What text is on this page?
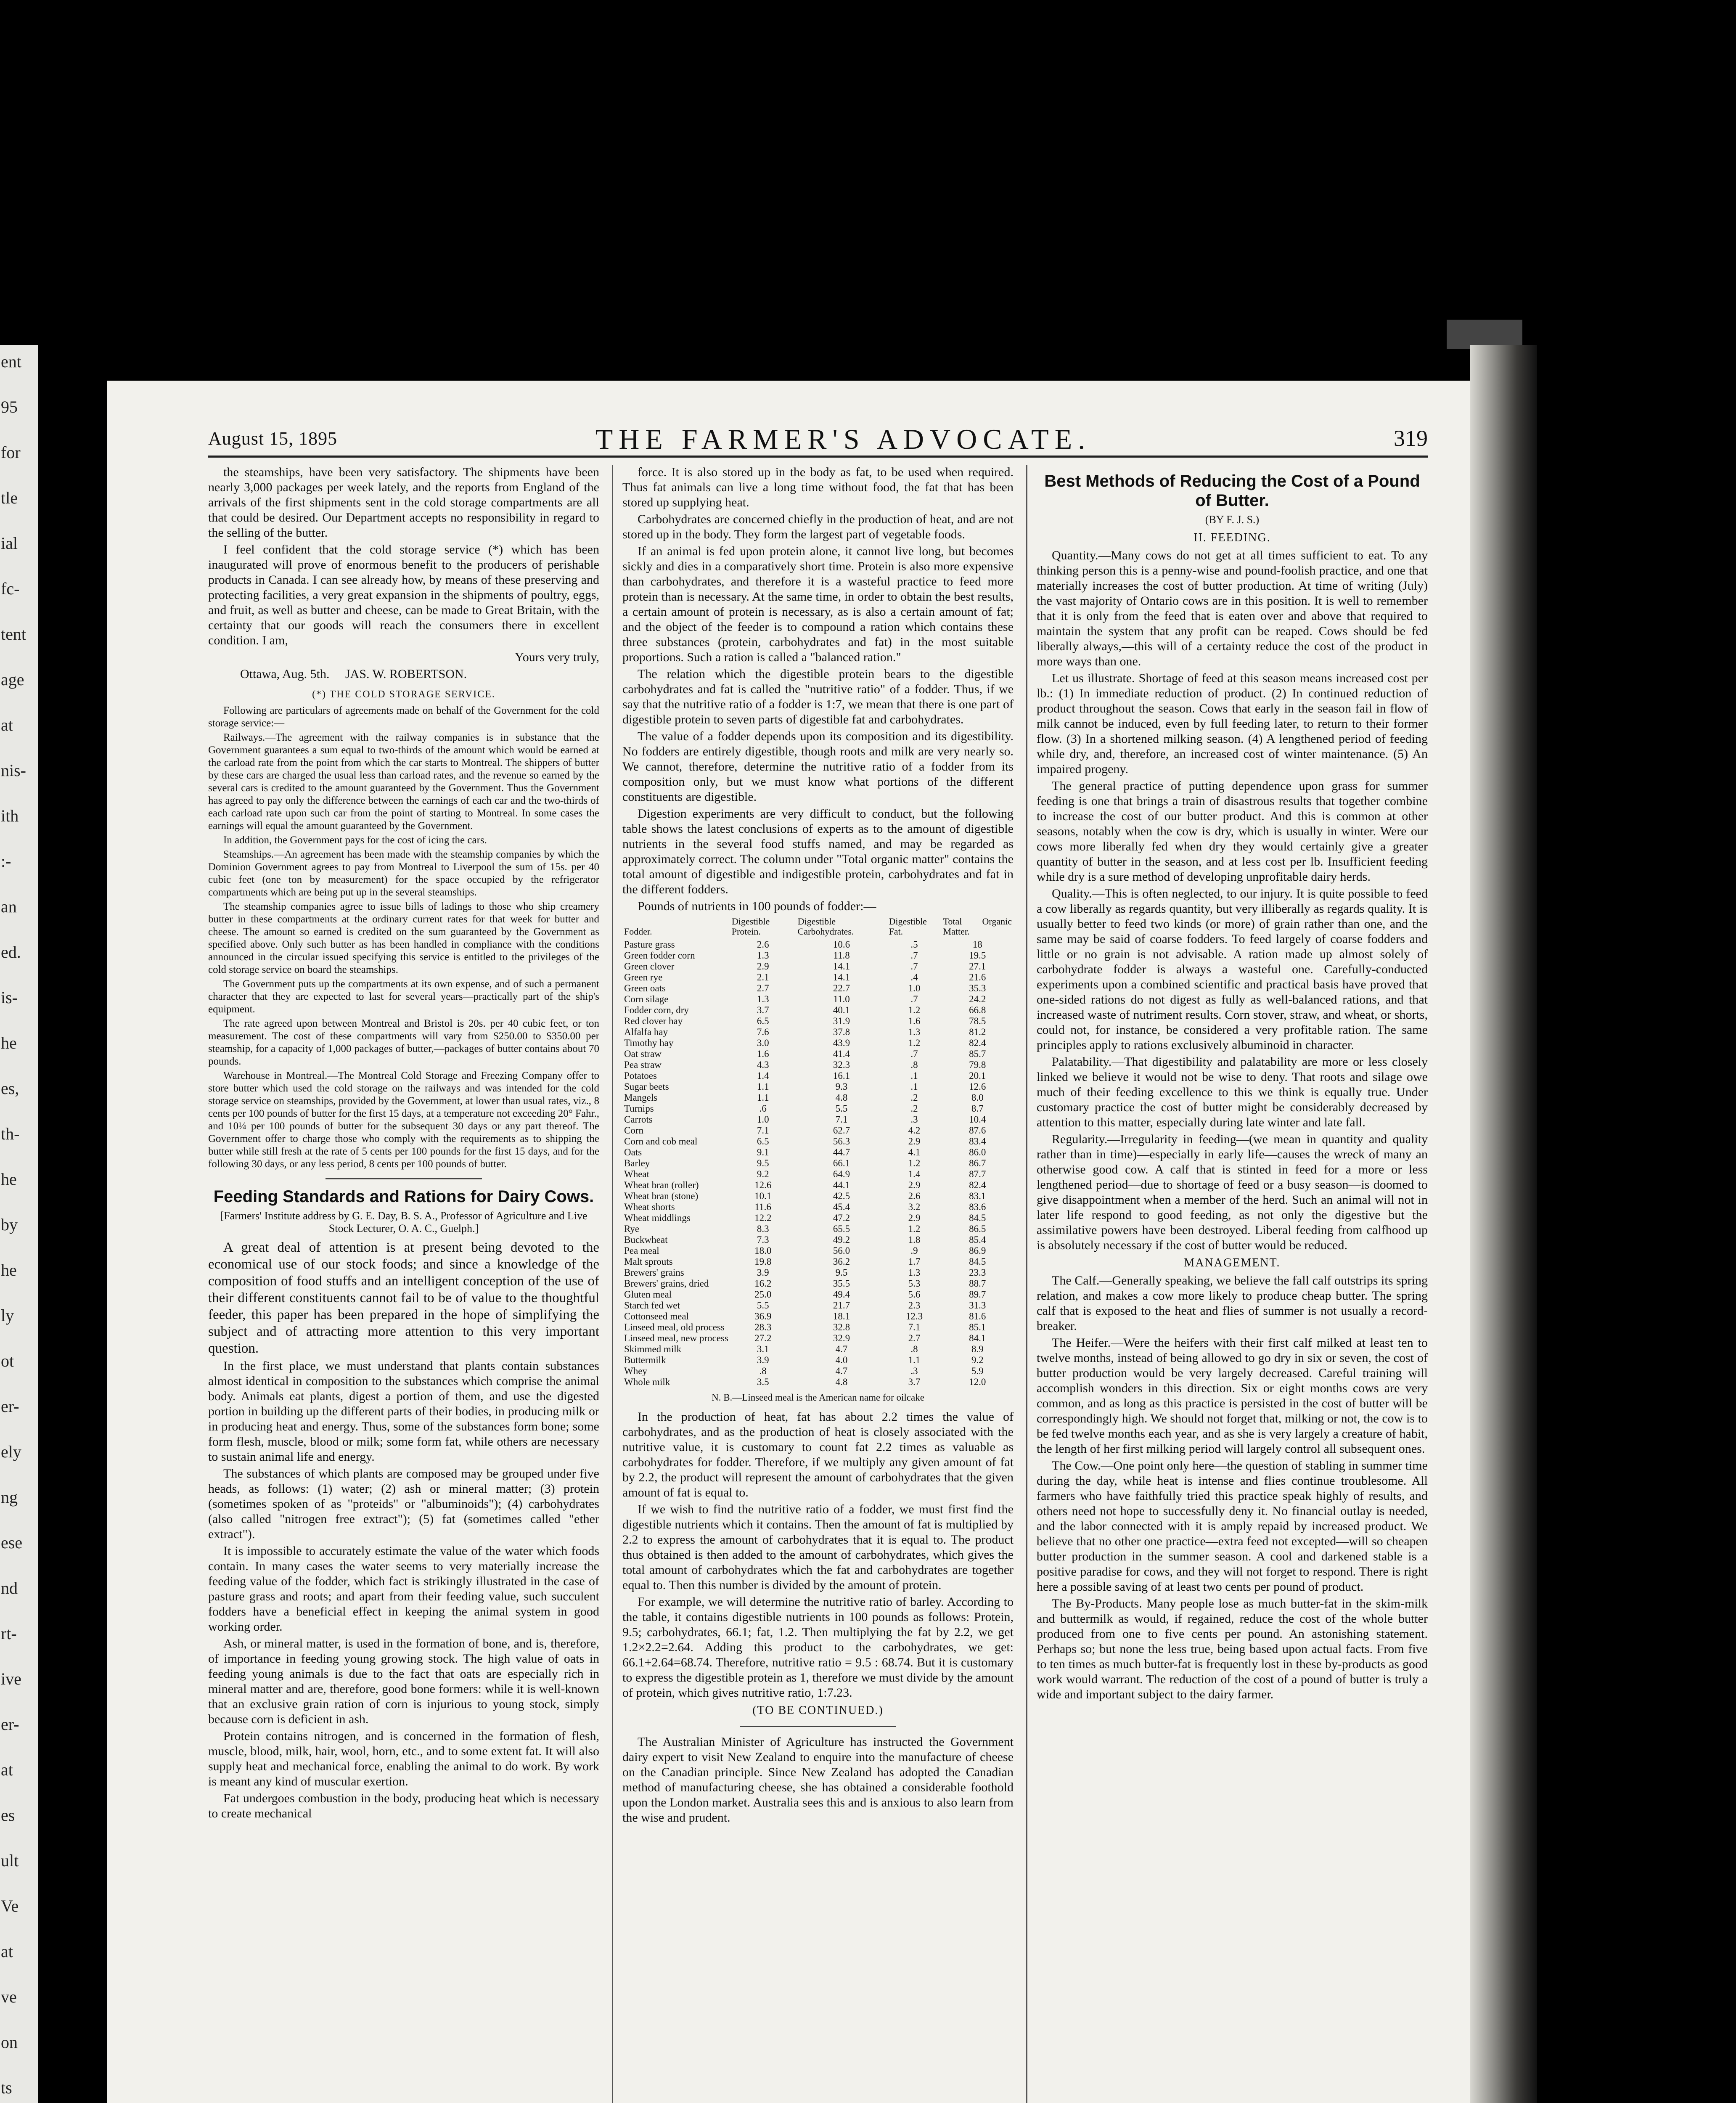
ent
95
for
tle
ial
fc-
tent
age
at
nis-
ith
:-
an
ed.
is-
he
es,
th-
he
by
he
ly
ot
er-
ely
ng
ese
nd
rt-
ive
er-
at
es
ult
Ve
at
ve
on
ts
August 15, 1895	THE FARMER'S ADVOCATE.	319

the steamships, have been very satisfactory. The shipments have been nearly 3,000 packages per week lately, and the reports from England of the arrivals of the first shipments sent in the cold storage compartments are all that could be desired. Our Department accepts no responsibility in regard to the selling of the butter.

I feel confident that the cold storage service (*) which has been inaugurated will prove of enormous benefit to the producers of perishable products in Canada. I can see already how, by means of these preserving and protecting facilities, a very great expansion in the shipments of poultry, eggs, and fruit, as well as butter and cheese, can be made to Great Britain, with the certainty that our goods will reach the consumers there in excellent condition. I am,

Yours very truly,

Ottawa, Aug. 5th. JAS. W. ROBERTSON.

(*) THE COLD STORAGE SERVICE.

Following are particulars of agreements made on behalf of the Government for the cold storage service:—

Railways.—The agreement with the railway companies is in substance that the Government guarantees a sum equal to two-thirds of the amount which would be earned at the carload rate from the point from which the car starts to Montreal. The shippers of butter by these cars are charged the usual less than carload rates, and the revenue so earned by the several cars is credited to the amount guaranteed by the Government. Thus the Government has agreed to pay only the difference between the earnings of each car and the two-thirds of each carload rate upon such car from the point of starting to Montreal. In some cases the earnings will equal the amount guaranteed by the Government.

In addition, the Government pays for the cost of icing the cars.

Steamships.—An agreement has been made with the steamship companies by which the Dominion Government agrees to pay from Montreal to Liverpool the sum of 15s. per 40 cubic feet (one ton by measurement) for the space occupied by the refrigerator compartments which are being put up in the several steamships.

The steamship companies agree to issue bills of ladings to those who ship creamery butter in these compartments at the ordinary current rates for that week for butter and cheese. The amount so earned is credited on the sum guaranteed by the Government as specified above. Only such butter as has been handled in compliance with the conditions announced in the circular issued specifying this service is entitled to the privileges of the cold storage service on board the steamships.

The Government puts up the compartments at its own expense, and of such a permanent character that they are expected to last for several years—practically part of the ship's equipment.

The rate agreed upon between Montreal and Bristol is 20s. per 40 cubic feet, or ton measurement. The cost of these compartments will vary from $250.00 to $350.00 per steamship, for a capacity of 1,000 packages of butter,—packages of butter contains about 70 pounds.

Warehouse in Montreal.—The Montreal Cold Storage and Freezing Company offer to store butter which used the cold storage on the railways and was intended for the cold storage service on steamships, provided by the Government, at lower than usual rates, viz., 8 cents per 100 pounds of butter for the first 15 days, at a temperature not exceeding 20° Fahr., and 10¼ per 100 pounds of butter for the subsequent 30 days or any part thereof. The Government offer to charge those who comply with the requirements as to shipping the butter while still fresh at the rate of 5 cents per 100 pounds for the first 15 days, and for the following 30 days, or any less period, 8 cents per 100 pounds of butter.

Feeding Standards and Rations for Dairy Cows.
[Farmers' Institute address by G. E. Day, B. S. A., Professor of Agriculture and Live Stock Lecturer, O. A. C., Guelph.]

A great deal of attention is at present being devoted to the economical use of our stock foods; and since a knowledge of the composition of food stuffs and an intelligent conception of the use of their different constituents cannot fail to be of value to the thoughtful feeder, this paper has been prepared in the hope of simplifying the subject and of attracting more attention to this very important question.

In the first place, we must understand that plants contain substances almost identical in composition to the substances which comprise the animal body. Animals eat plants, digest a portion of them, and use the digested portion in building up the different parts of their bodies, in producing milk or in producing heat and energy. Thus, some of the substances form bone; some form flesh, muscle, blood or milk; some form fat, while others are necessary to sustain animal life and energy.

The substances of which plants are composed may be grouped under five heads, as follows: (1) water; (2) ash or mineral matter; (3) protein (sometimes spoken of as "proteids" or "albuminoids"); (4) carbohydrates (also called "nitrogen free extract"); (5) fat (sometimes called "ether extract").

It is impossible to accurately estimate the value of the water which foods contain. In many cases the water seems to very materially increase the feeding value of the fodder, which fact is strikingly illustrated in the case of pasture grass and roots; and apart from their feeding value, such succulent fodders have a beneficial effect in keeping the animal system in good working order.

Ash, or mineral matter, is used in the formation of bone, and is, therefore, of importance in feeding young growing stock. The high value of oats in feeding young animals is due to the fact that oats are especially rich in mineral matter and are, therefore, good bone formers: while it is well-known that an exclusive grain ration of corn is injurious to young stock, simply because corn is deficient in ash.

Protein contains nitrogen, and is concerned in the formation of flesh, muscle, blood, milk, hair, wool, horn, etc., and to some extent fat. It will also supply heat and mechanical force, enabling the animal to do work. By work is meant any kind of muscular exertion.

Fat undergoes combustion in the body, producing heat which is necessary to create mechanical

force. It is also stored up in the body as fat, to be used when required. Thus fat animals can live a long time without food, the fat that has been stored up supplying heat.

Carbohydrates are concerned chiefly in the production of heat, and are not stored up in the body. They form the largest part of vegetable foods.

If an animal is fed upon protein alone, it cannot live long, but becomes sickly and dies in a comparatively short time. Protein is also more expensive than carbohydrates, and therefore it is a wasteful practice to feed more protein than is necessary. At the same time, in order to obtain the best results, a certain amount of protein is necessary, as is also a certain amount of fat; and the object of the feeder is to compound a ration which contains these three substances (protein, carbohydrates and fat) in the most suitable proportions. Such a ration is called a "balanced ration."

The relation which the digestible protein bears to the digestible carbohydrates and fat is called the "nutritive ratio" of a fodder. Thus, if we say that the nutritive ratio of a fodder is 1:7, we mean that there is one part of digestible protein to seven parts of digestible fat and carbohydrates.

The value of a fodder depends upon its composition and its digestibility. No fodders are entirely digestible, though roots and milk are very nearly so. We cannot, therefore, determine the nutritive ratio of a fodder from its composition only, but we must know what portions of the different constituents are digestible.

Digestion experiments are very difficult to conduct, but the following table shows the latest conclusions of experts as to the amount of digestible nutrients in the several food stuffs named, and may be regarded as approximately correct. The column under "Total organic matter" contains the total amount of digestible and indigestible protein, carbohydrates and fat in the different fodders.

Pounds of nutrients in 100 pounds of fodder:—

Fodder.	Digestible Protein.	Digestible Carbohydrates.	Digestible Fat.	Total Organic Matter.
Pasture grass	2.6	10.6	.5	18
Green fodder corn	1.3	11.8	.7	19.5
Green clover	2.9	14.1	.7	27.1
Green rye	2.1	14.1	.4	21.6
Green oats	2.7	22.7	1.0	35.3
Corn silage	1.3	11.0	.7	24.2
Fodder corn, dry	3.7	40.1	1.2	66.8
Red clover hay	6.5	31.9	1.6	78.5
Alfalfa hay	7.6	37.8	1.3	81.2
Timothy hay	3.0	43.9	1.2	82.4
Oat straw	1.6	41.4	.7	85.7
Pea straw	4.3	32.3	.8	79.8
Potatoes	1.4	16.1	.1	20.1
Sugar beets	1.1	9.3	.1	12.6
Mangels	1.1	4.8	.2	8.0
Turnips	.6	5.5	.2	8.7
Carrots	1.0	7.1	.3	10.4
Corn	7.1	62.7	4.2	87.6
Corn and cob meal	6.5	56.3	2.9	83.4
Oats	9.1	44.7	4.1	86.0
Barley	9.5	66.1	1.2	86.7
Wheat	9.2	64.9	1.4	87.7
Wheat bran (roller)	12.6	44.1	2.9	82.4
Wheat bran (stone)	10.1	42.5	2.6	83.1
Wheat shorts	11.6	45.4	3.2	83.6
Wheat middlings	12.2	47.2	2.9	84.5
Rye	8.3	65.5	1.2	86.5
Buckwheat	7.3	49.2	1.8	85.4
Pea meal	18.0	56.0	.9	86.9
Malt sprouts	19.8	36.2	1.7	84.5
Brewers' grains	3.9	9.5	1.3	23.3
Brewers' grains, dried	16.2	35.5	5.3	88.7
Gluten meal	25.0	49.4	5.6	89.7
Starch fed wet	5.5	21.7	2.3	31.3
Cottonseed meal	36.9	18.1	12.3	81.6
Linseed meal, old process	28.3	32.8	7.1	85.1
Linseed meal, new process	27.2	32.9	2.7	84.1
Skimmed milk	3.1	4.7	.8	8.9
Buttermilk	3.9	4.0	1.1	9.2
Whey	.8	4.7	.3	5.9
Whole milk	3.5	4.8	3.7	12.0
N. B.—Linseed meal is the American name for oilcake

In the production of heat, fat has about 2.2 times the value of carbohydrates, and as the production of heat is closely associated with the nutritive value, it is customary to count fat 2.2 times as valuable as carbohydrates for fodder. Therefore, if we multiply any given amount of fat by 2.2, the product will represent the amount of carbohydrates that the given amount of fat is equal to.

If we wish to find the nutritive ratio of a fodder, we must first find the digestible nutrients which it contains. Then the amount of fat is multiplied by 2.2 to express the amount of carbohydrates that it is equal to. The product thus obtained is then added to the amount of carbohydrates, which gives the total amount of carbohydrates which the fat and carbohydrates are together equal to. Then this number is divided by the amount of protein.

For example, we will determine the nutritive ratio of barley. According to the table, it contains digestible nutrients in 100 pounds as follows: Protein, 9.5; carbohydrates, 66.1; fat, 1.2. Then multiplying the fat by 2.2, we get 1.2×2.2=2.64. Adding this product to the carbohydrates, we get: 66.1+2.64=68.74. Therefore, nutritive ratio = 9.5 : 68.74. But it is customary to express the digestible protein as 1, therefore we must divide by the amount of protein, which gives nutritive ratio, 1:7.23.

(TO BE CONTINUED.)

The Australian Minister of Agriculture has instructed the Government dairy expert to visit New Zealand to enquire into the manufacture of cheese on the Canadian principle. Since New Zealand has adopted the Canadian method of manufacturing cheese, she has obtained a considerable foothold upon the London market. Australia sees this and is anxious to also learn from the wise and prudent.

Best Methods of Reducing the Cost of a Pound of Butter.
(BY F. J. S.)
II. FEEDING.

Quantity.—Many cows do not get at all times sufficient to eat. To any thinking person this is a penny-wise and pound-foolish practice, and one that materially increases the cost of butter production. At time of writing (July) the vast majority of Ontario cows are in this position. It is well to remember that it is only from the feed that is eaten over and above that required to maintain the system that any profit can be reaped. Cows should be fed liberally always,—this will of a certainty reduce the cost of the product in more ways than one.

Let us illustrate. Shortage of feed at this season means increased cost per lb.: (1) In immediate reduction of product. (2) In continued reduction of product throughout the season. Cows that early in the season fail in flow of milk cannot be induced, even by full feeding later, to return to their former flow. (3) In a shortened milking season. (4) A lengthened period of feeding while dry, and, therefore, an increased cost of winter maintenance. (5) An impaired progeny.

The general practice of putting dependence upon grass for summer feeding is one that brings a train of disastrous results that together combine to increase the cost of our butter product. And this is common at other seasons, notably when the cow is dry, which is usually in winter. Were our cows more liberally fed when dry they would certainly give a greater quantity of butter in the season, and at less cost per lb. Insufficient feeding while dry is a sure method of developing unprofitable dairy herds.

Quality.—This is often neglected, to our injury. It is quite possible to feed a cow liberally as regards quantity, but very illiberally as regards quality. It is usually better to feed two kinds (or more) of grain rather than one, and the same may be said of coarse fodders. To feed largely of coarse fodders and little or no grain is not advisable. A ration made up almost solely of carbohydrate fodder is always a wasteful one. Carefully-conducted experiments upon a combined scientific and practical basis have proved that one-sided rations do not digest as fully as well-balanced rations, and that increased waste of nutriment results. Corn stover, straw, and wheat, or shorts, could not, for instance, be considered a very profitable ration. The same principles apply to rations exclusively albuminoid in character.

Palatability.—That digestibility and palatability are more or less closely linked we believe it would not be wise to deny. That roots and silage owe much of their feeding excellence to this we think is equally true. Under customary practice the cost of butter might be considerably decreased by attention to this matter, especially during late winter and late fall.

Regularity.—Irregularity in feeding—(we mean in quantity and quality rather than in time)—especially in early life—causes the wreck of many an otherwise good cow. A calf that is stinted in feed for a more or less lengthened period—due to shortage of feed or a busy season—is doomed to give disappointment when a member of the herd. Such an animal will not in later life respond to good feeding, as not only the digestive but the assimilative powers have been destroyed. Liberal feeding from calfhood up is absolutely necessary if the cost of butter would be reduced.

MANAGEMENT.

The Calf.—Generally speaking, we believe the fall calf outstrips its spring relation, and makes a cow more likely to produce cheap butter. The spring calf that is exposed to the heat and flies of summer is not usually a record-breaker.

The Heifer.—Were the heifers with their first calf milked at least ten to twelve months, instead of being allowed to go dry in six or seven, the cost of butter production would be very largely decreased. Careful training will accomplish wonders in this direction. Six or eight months cows are very common, and as long as this practice is persisted in the cost of butter will be correspondingly high. We should not forget that, milking or not, the cow is to be fed twelve months each year, and as she is very largely a creature of habit, the length of her first milking period will largely control all subsequent ones.

The Cow.—One point only here—the question of stabling in summer time during the day, while heat is intense and flies continue troublesome. All farmers who have faithfully tried this practice speak highly of results, and others need not hope to successfully deny it. No financial outlay is needed, and the labor connected with it is amply repaid by increased product. We believe that no other one practice—extra feed not excepted—will so cheapen butter production in the summer season. A cool and darkened stable is a positive paradise for cows, and they will not forget to respond. There is right here a possible saving of at least two cents per pound of product.

The By-Products. Many people lose as much butter-fat in the skim-milk and buttermilk as would, if regained, reduce the cost of the whole butter produced from one to five cents per pound. An astonishing statement. Perhaps so; but none the less true, being based upon actual facts. From five to ten times as much butter-fat is frequently lost in these by-products as good work would warrant. The reduction of the cost of a pound of butter is truly a wide and important subject to the dairy farmer.
